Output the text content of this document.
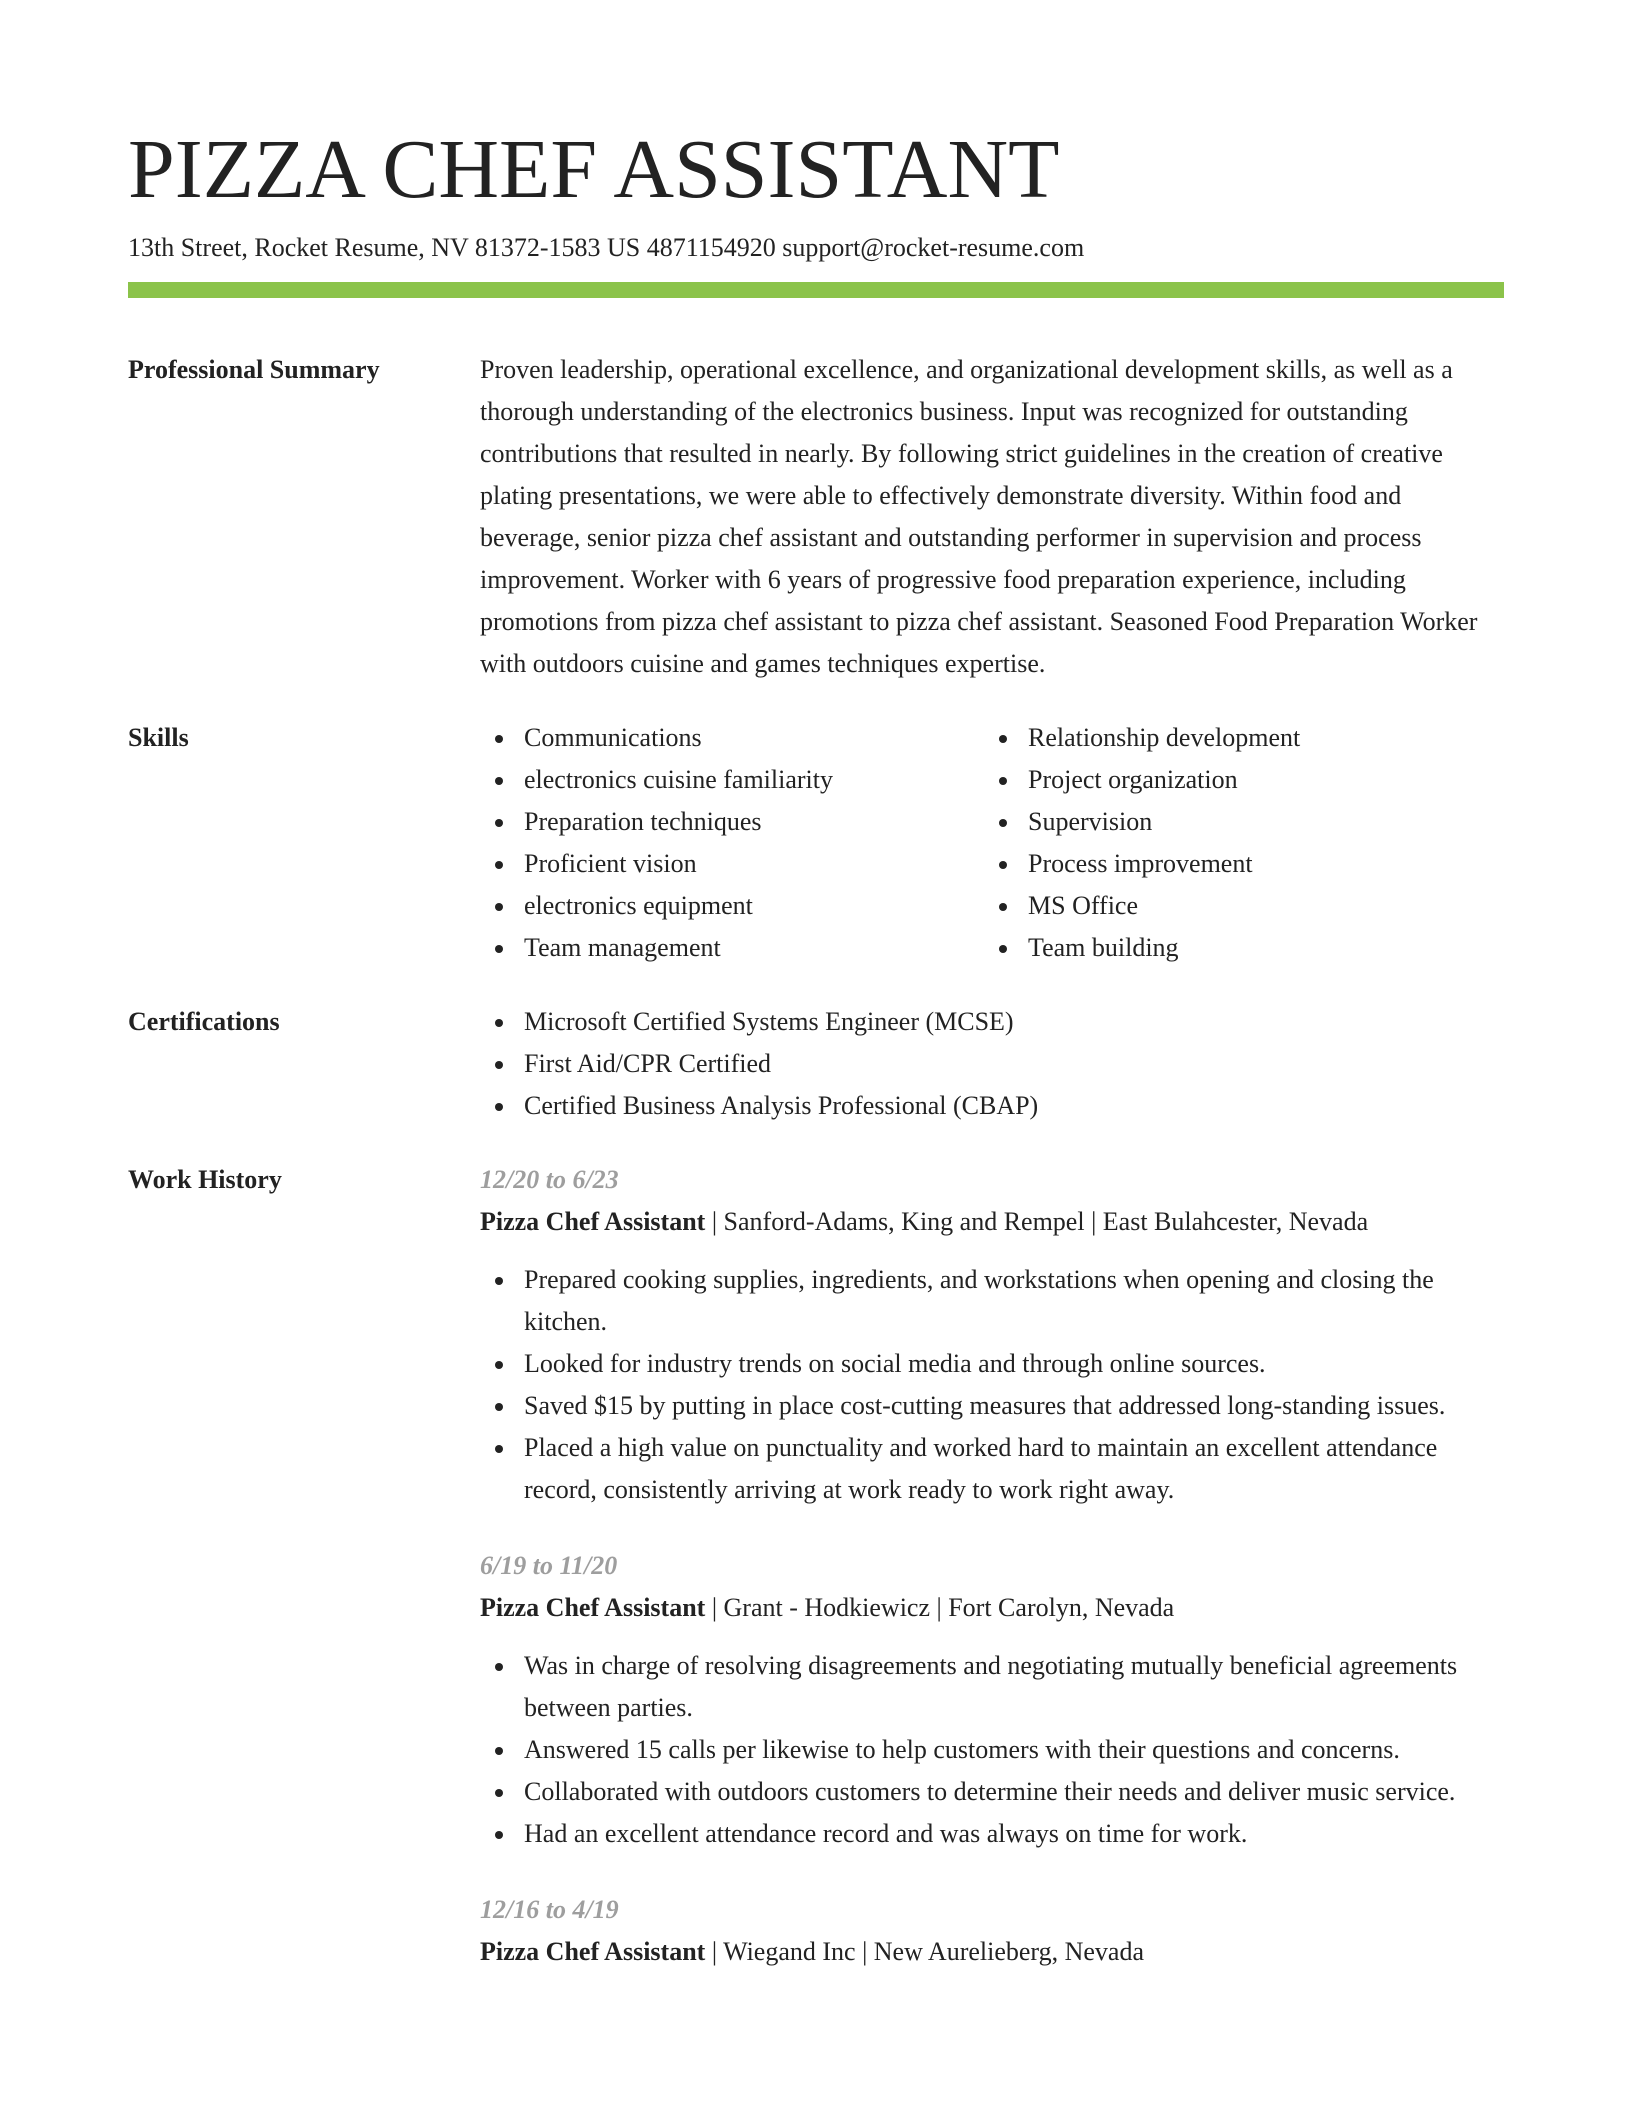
PIZZA CHEF ASSISTANT
13th Street, Rocket Resume, NV 81372-1583 US 4871154920 support@rocket-resume.com
Professional Summary	Proven leadership, operational excellence, and organizational development skills, as well as a thorough understanding of the electronics business. Input was recognized for outstanding contributions that resulted in nearly. By following strict guidelines in the creation of creative plating presentations, we were able to effectively demonstrate diversity. Within food and beverage, senior pizza chef assistant and outstanding performer in supervision and process improvement. Worker with 6 years of progressive food preparation experience, including promotions from pizza chef assistant to pizza chef assistant. Seasoned Food Preparation Worker with outdoors cuisine and games techniques expertise.

Skills	Communications
electronics cuisine familiarity
Preparation techniques
Proficient vision
electronics equipment
Team management
Relationship development
Project organization
Supervision
Process improvement
MS Office
Team building
Certifications	Microsoft Certified Systems Engineer (MCSE)
First Aid/CPR Certified
Certified Business Analysis Professional (CBAP)
Work History	12/20 to 6/23
Pizza Chef Assistant | Sanford-Adams, King and Rempel | East Bulahcester, Nevada
Prepared cooking supplies, ingredients, and workstations when opening and closing the kitchen.
Looked for industry trends on social media and through online sources.
Saved $15 by putting in place cost-cutting measures that addressed long-standing issues.
Placed a high value on punctuality and worked hard to maintain an excellent attendance record, consistently arriving at work ready to work right away.
6/19 to 11/20
Pizza Chef Assistant | Grant - Hodkiewicz | Fort Carolyn, Nevada
Was in charge of resolving disagreements and negotiating mutually beneficial agreements between parties.
Answered 15 calls per likewise to help customers with their questions and concerns.
Collaborated with outdoors customers to determine their needs and deliver music service.
Had an excellent attendance record and was always on time for work.
12/16 to 4/19
Pizza Chef Assistant | Wiegand Inc | New Aurelieberg, Nevada
